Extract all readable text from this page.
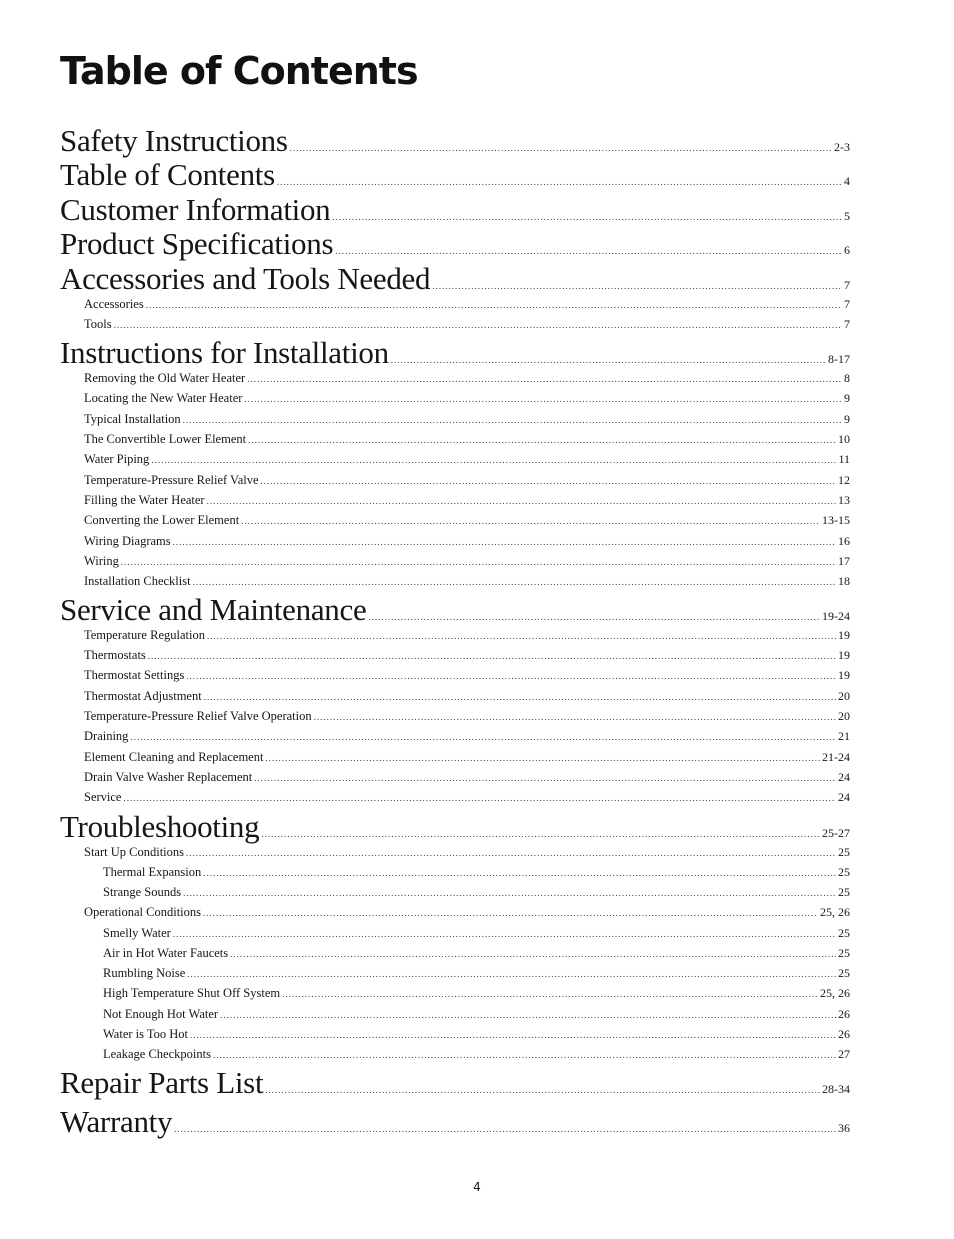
Table of Contents
Safety Instructions .....	2-3
Table of Contents .....	4
Customer Information .....	5
Product Specifications .....	6
Accessories and Tools Needed .....	7
Accessories .....	7
Tools .....	7
Instructions for Installation .....	8-17
Removing the Old Water Heater .....	8
Locating the New Water Heater .....	9
Typical Installation .....	9
The Convertible Lower Element .....	10
Water Piping .....	11
Temperature-Pressure Relief Valve .....	12
Filling the Water Heater .....	13
Converting the Lower Element .....	13-15
Wiring Diagrams .....	16
Wiring .....	17
Installation Checklist .....	18
Service and Maintenance .....	19-24
Temperature Regulation .....	19
Thermostats .....	19
Thermostat Settings .....	19
Thermostat Adjustment .....	20
Temperature-Pressure Relief Valve Operation .....	20
Draining .....	21
Element Cleaning and Replacement .....	21-24
Drain Valve Washer Replacement .....	24
Service .....	24
Troubleshooting .....	25-27
Start Up Conditions .....	25
Thermal Expansion .....	25
Strange Sounds .....	25
Operational Conditions .....	25, 26
Smelly Water .....	25
Air in Hot Water Faucets .....	25
Rumbling Noise .....	25
High Temperature Shut Off System .....	25, 26
Not Enough Hot Water .....	26
Water is Too Hot .....	26
Leakage Checkpoints .....	27
Repair Parts List .....	28-34
Warranty .....	36
4
